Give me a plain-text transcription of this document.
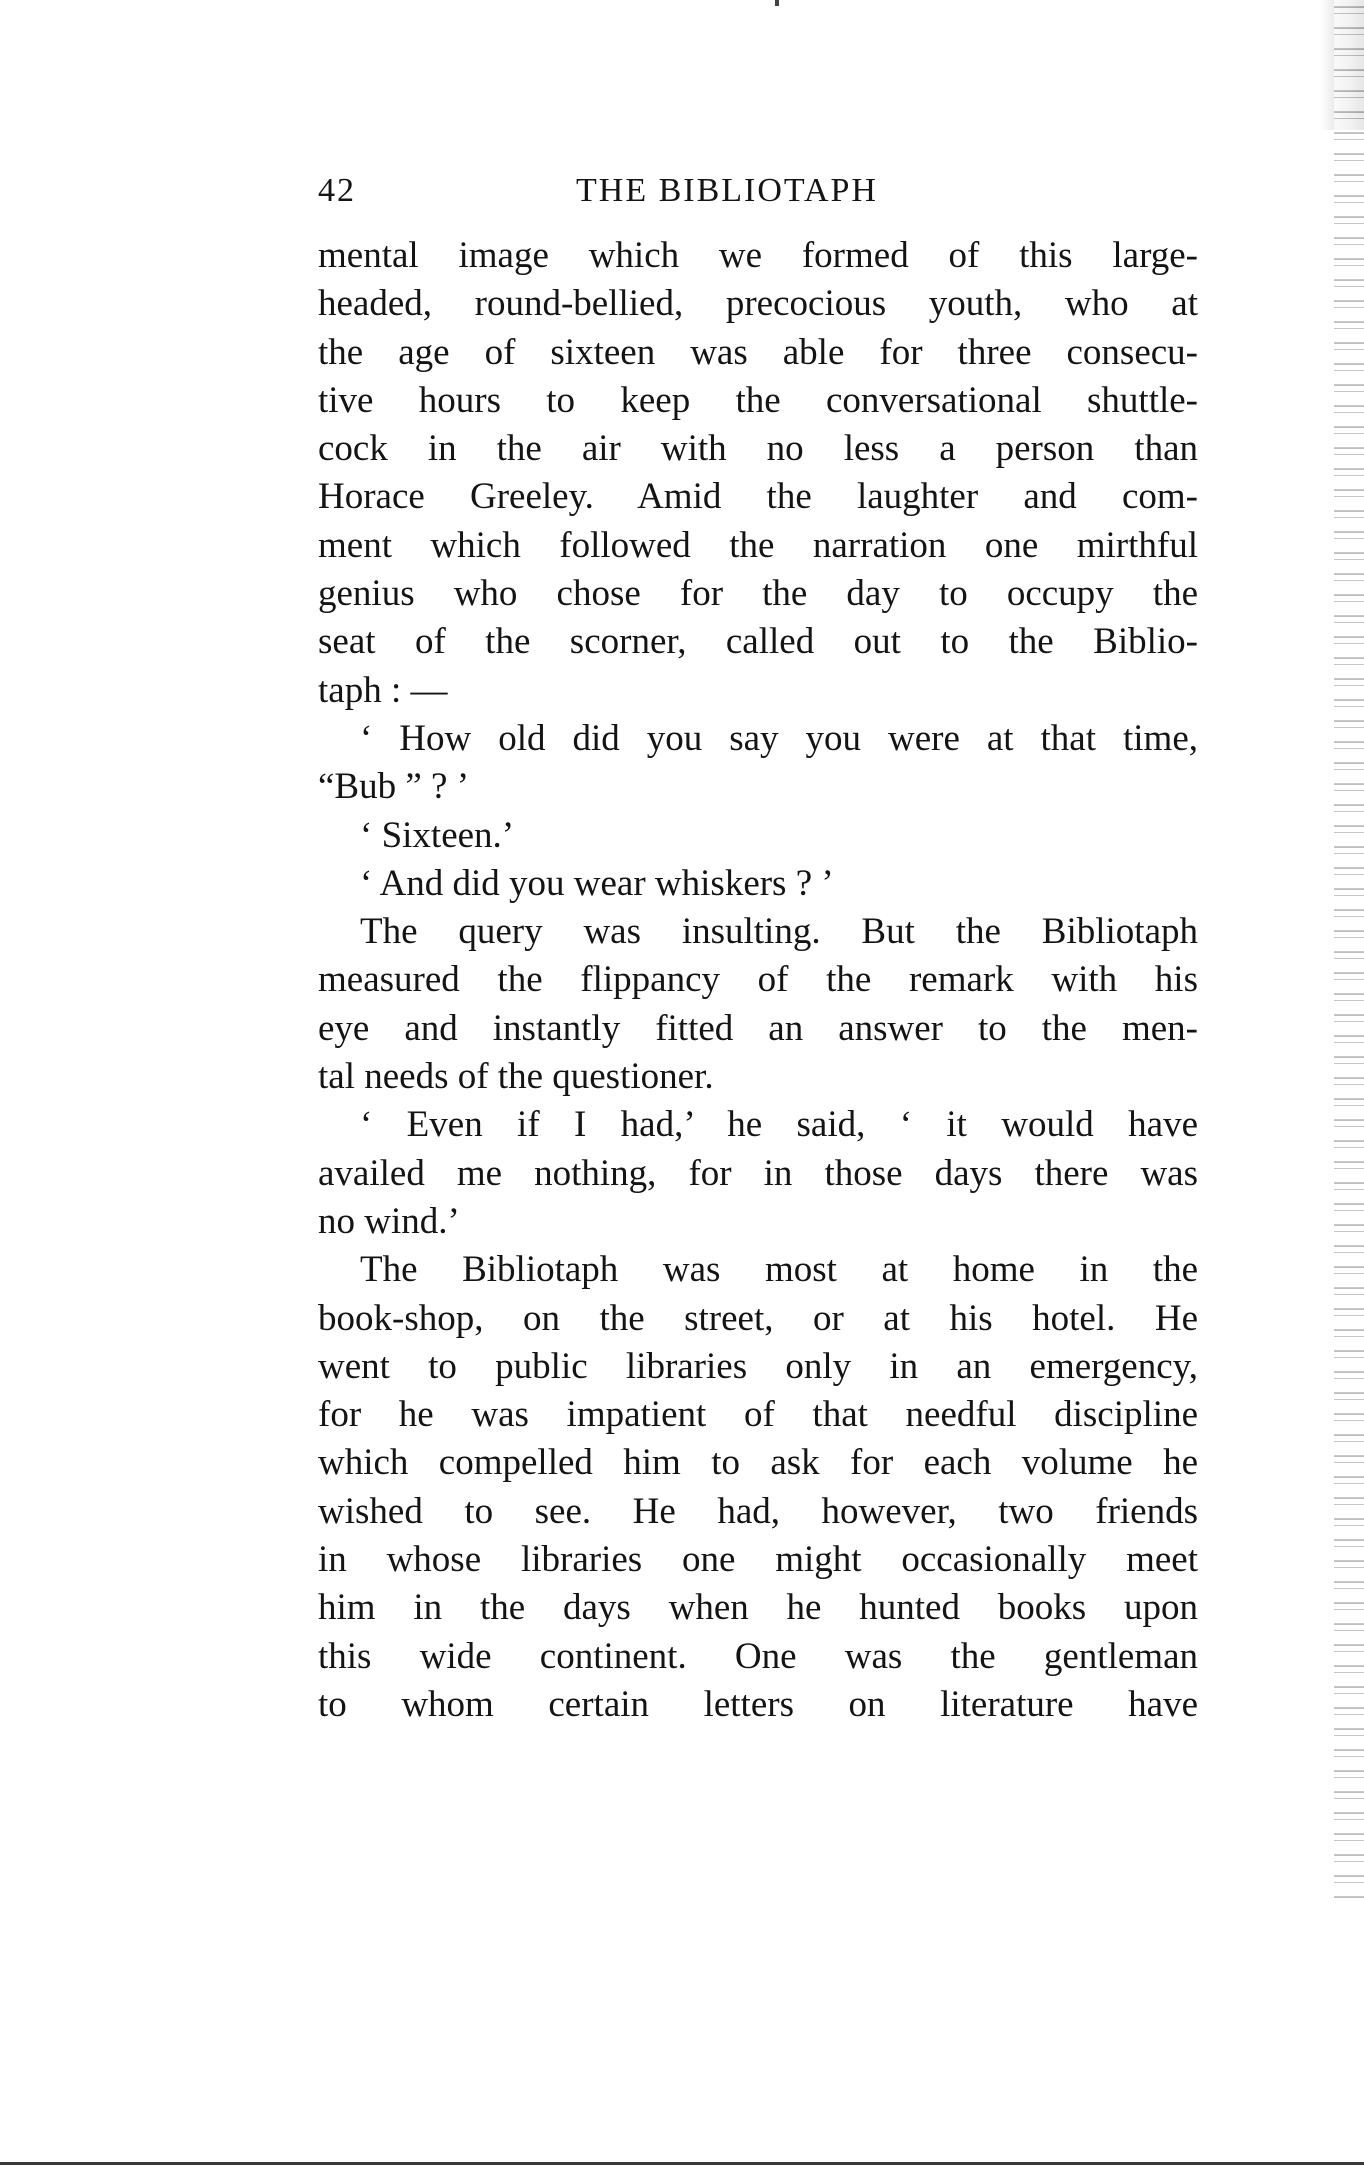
42	THE BIBLIOTAPH
mental image which we formed of this large-
headed, round-bellied, precocious youth, who at
the age of sixteen was able for three consecu-
tive hours to keep the conversational shuttle-
cock in the air with no less a person than
Horace Greeley. Amid the laughter and com-
ment which followed the narration one mirthful
genius who chose for the day to occupy the
seat of the scorner, called out to the Biblio-
taph : —
‘ How old did you say you were at that time,
“Bub ” ? ’
‘ Sixteen.’
‘ And did you wear whiskers ? ’
The query was insulting. But the Bibliotaph
measured the flippancy of the remark with his
eye and instantly fitted an answer to the men-
tal needs of the questioner.
‘ Even if I had,’ he said, ‘ it would have
availed me nothing, for in those days there was
no wind.’
The Bibliotaph was most at home in the
book-shop, on the street, or at his hotel. He
went to public libraries only in an emergency,
for he was impatient of that needful discipline
which compelled him to ask for each volume he
wished to see. He had, however, two friends
in whose libraries one might occasionally meet
him in the days when he hunted books upon
this wide continent. One was the gentleman
to whom certain letters on literature have
